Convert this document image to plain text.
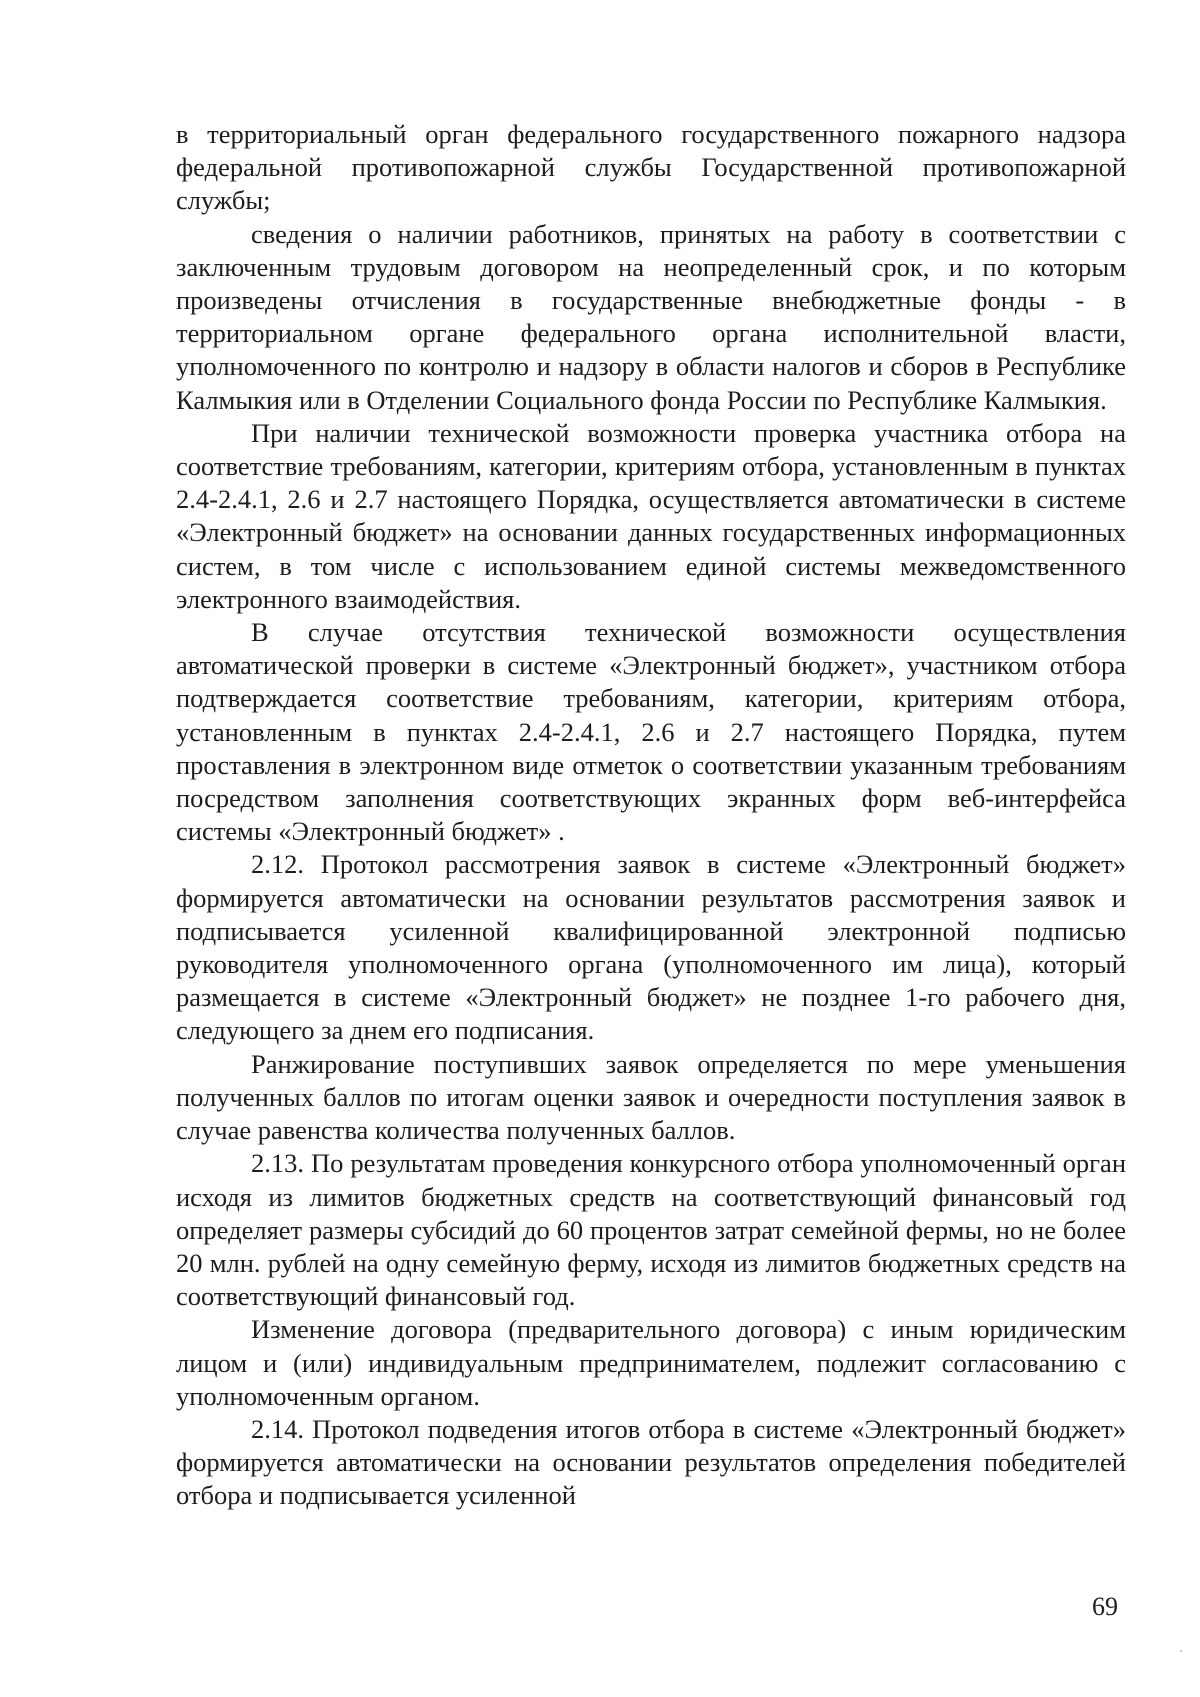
в территориальный орган федерального государственного пожарного надзора федеральной противопожарной службы Государственной противопожарной службы;

сведения о наличии работников, принятых на работу в соответствии с заключенным трудовым договором на неопределенный срок, и по которым произведены отчисления в государственные внебюджетные фонды - в территориальном органе федерального органа исполнительной власти, уполномоченного по контролю и надзору в области налогов и сборов в Республике Калмыкия или в Отделении Социального фонда России по Республике Калмыкия.

При наличии технической возможности проверка участника отбора на соответствие требованиям, категории, критериям отбора, установленным в пунктах 2.4-2.4.1, 2.6 и 2.7 настоящего Порядка, осуществляется автоматически в системе «Электронный бюджет» на основании данных государственных информационных систем, в том числе с использованием единой системы межведомственного электронного взаимодействия.

В случае отсутствия технической возможности осуществления автоматической проверки в системе «Электронный бюджет», участником отбора подтверждается соответствие требованиям, категории, критериям отбора, установленным в пунктах 2.4-2.4.1, 2.6 и 2.7 настоящего Порядка, путем проставления в электронном виде отметок о соответствии указанным требованиям посредством заполнения соответствующих экранных форм веб-интерфейса системы «Электронный бюджет» .

2.12. Протокол рассмотрения заявок в системе «Электронный бюджет» формируется автоматически на основании результатов рассмотрения заявок и подписывается усиленной квалифицированной электронной подписью руководителя уполномоченного органа (уполномоченного им лица), который размещается в системе «Электронный бюджет» не позднее 1-го рабочего дня, следующего за днем его подписания.

Ранжирование поступивших заявок определяется по мере уменьшения полученных баллов по итогам оценки заявок и очередности поступления заявок в случае равенства количества полученных баллов.

2.13. По результатам проведения конкурсного отбора уполномоченный орган исходя из лимитов бюджетных средств на соответствующий финансовый год определяет размеры субсидий до 60 процентов затрат семейной фермы, но не более 20 млн. рублей на одну семейную ферму, исходя из лимитов бюджетных средств на соответствующий финансовый год.

Изменение договора (предварительного договора) с иным юридическим лицом и (или) индивидуальным предпринимателем, подлежит согласованию с уполномоченным органом.

2.14. Протокол подведения итогов отбора в системе «Электронный бюджет» формируется автоматически на основании результатов определения победителей отбора и подписывается усиленной

69
